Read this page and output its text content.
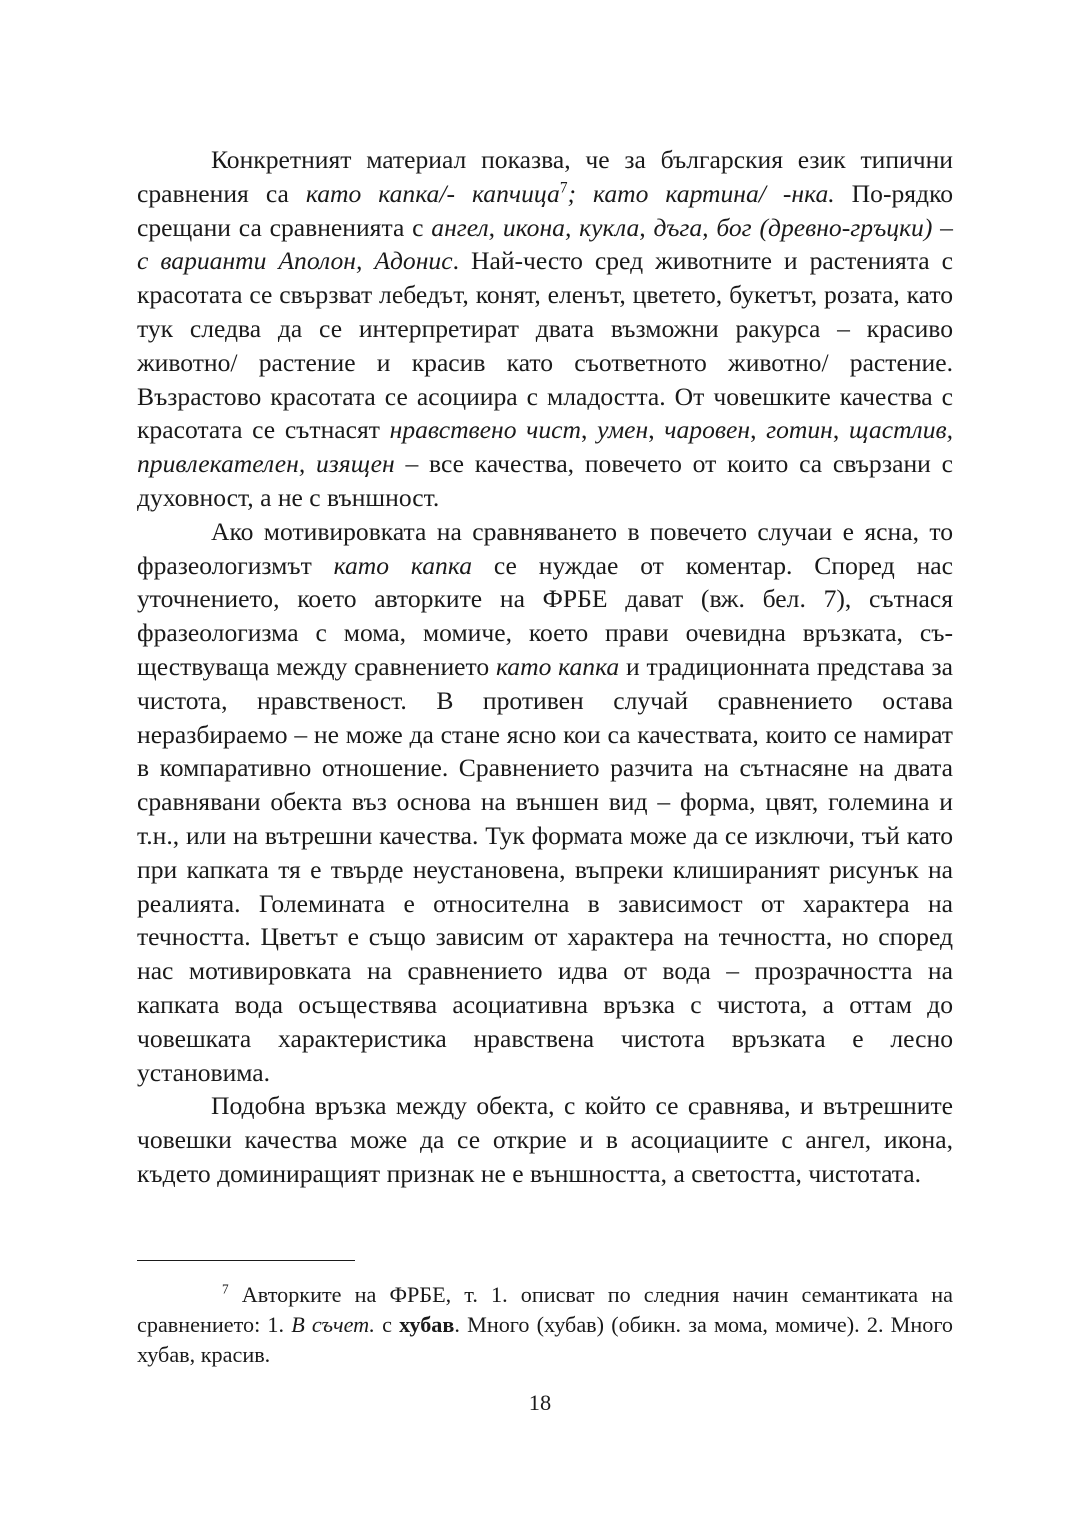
Конкретният материал показва, че за българския език типични сравнения са като капка/- капчица$^7$; като картина/ -нка. По-рядко срещани са сравненията с ангел, икона, кукла, дъга, бог (древно-гръцки) – с варианти Аполон, Адонис. Най-често сред животните и растенията с красотата се свързват лебедът, конят, еленът, цветето, букетът, розата, като тук следва да се интерпретират двата възможни ракурса – красиво животно/ растение и красив като съответното животно/ растение. Възрастово красотата се асоциира с младостта. От човешките качества с красотата се сътнасят нравствено чист, умен, чаровен, готин, щастлив, привлекателен, изящен – все качества, повечето от които са свързани с духовност, а не с външност.

Ако мотивировката на сравняването в повечето случаи е ясна, то фразеологизмът като капка се нуждае от коментар. Според нас уточнението, което авторките на ФРБЕ дават (вж. бел. 7), сътнася фразеологизма с мома, момиче, което прави очевидна връзката, съществуваща между сравнението като капка и традиционната представа за чистота, нравственост. В противен случай сравнението остава неразбираемо – не може да стане ясно кои са качествата, които се намират в компаративно отношение. Сравнението разчита на сътнасяне на двата сравнявани обекта въз основа на външен вид – форма, цвят, големина и т.н., или на вътрешни качества. Тук формата може да се изключи, тъй като при капката тя е твърде неустановена, въпреки клишираният рисунък на реалията. Големината е относителна в зависимост от характера на течността. Цветът е също зависим от характера на течността, но според нас мотивировката на сравнението идва от вода – прозрачността на капката вода осъществява асоциативна връзка с чистота, а оттам до човешката характеристика нравствена чистота връзката е лесно установима.

Подобна връзка между обекта, с който се сравнява, и вътрешните човешки качества може да се открие и в асоциациите с ангел, икона, където доминиращият признак не е външността, а светостта, чистотата.

$^7$ Авторките на ФРБЕ, т. 1. описват по следния начин семантиката на сравнението: 1. В съчет. с хубав. Много (хубав) (обикн. за мома, момиче). 2. Много хубав, красив.

18
